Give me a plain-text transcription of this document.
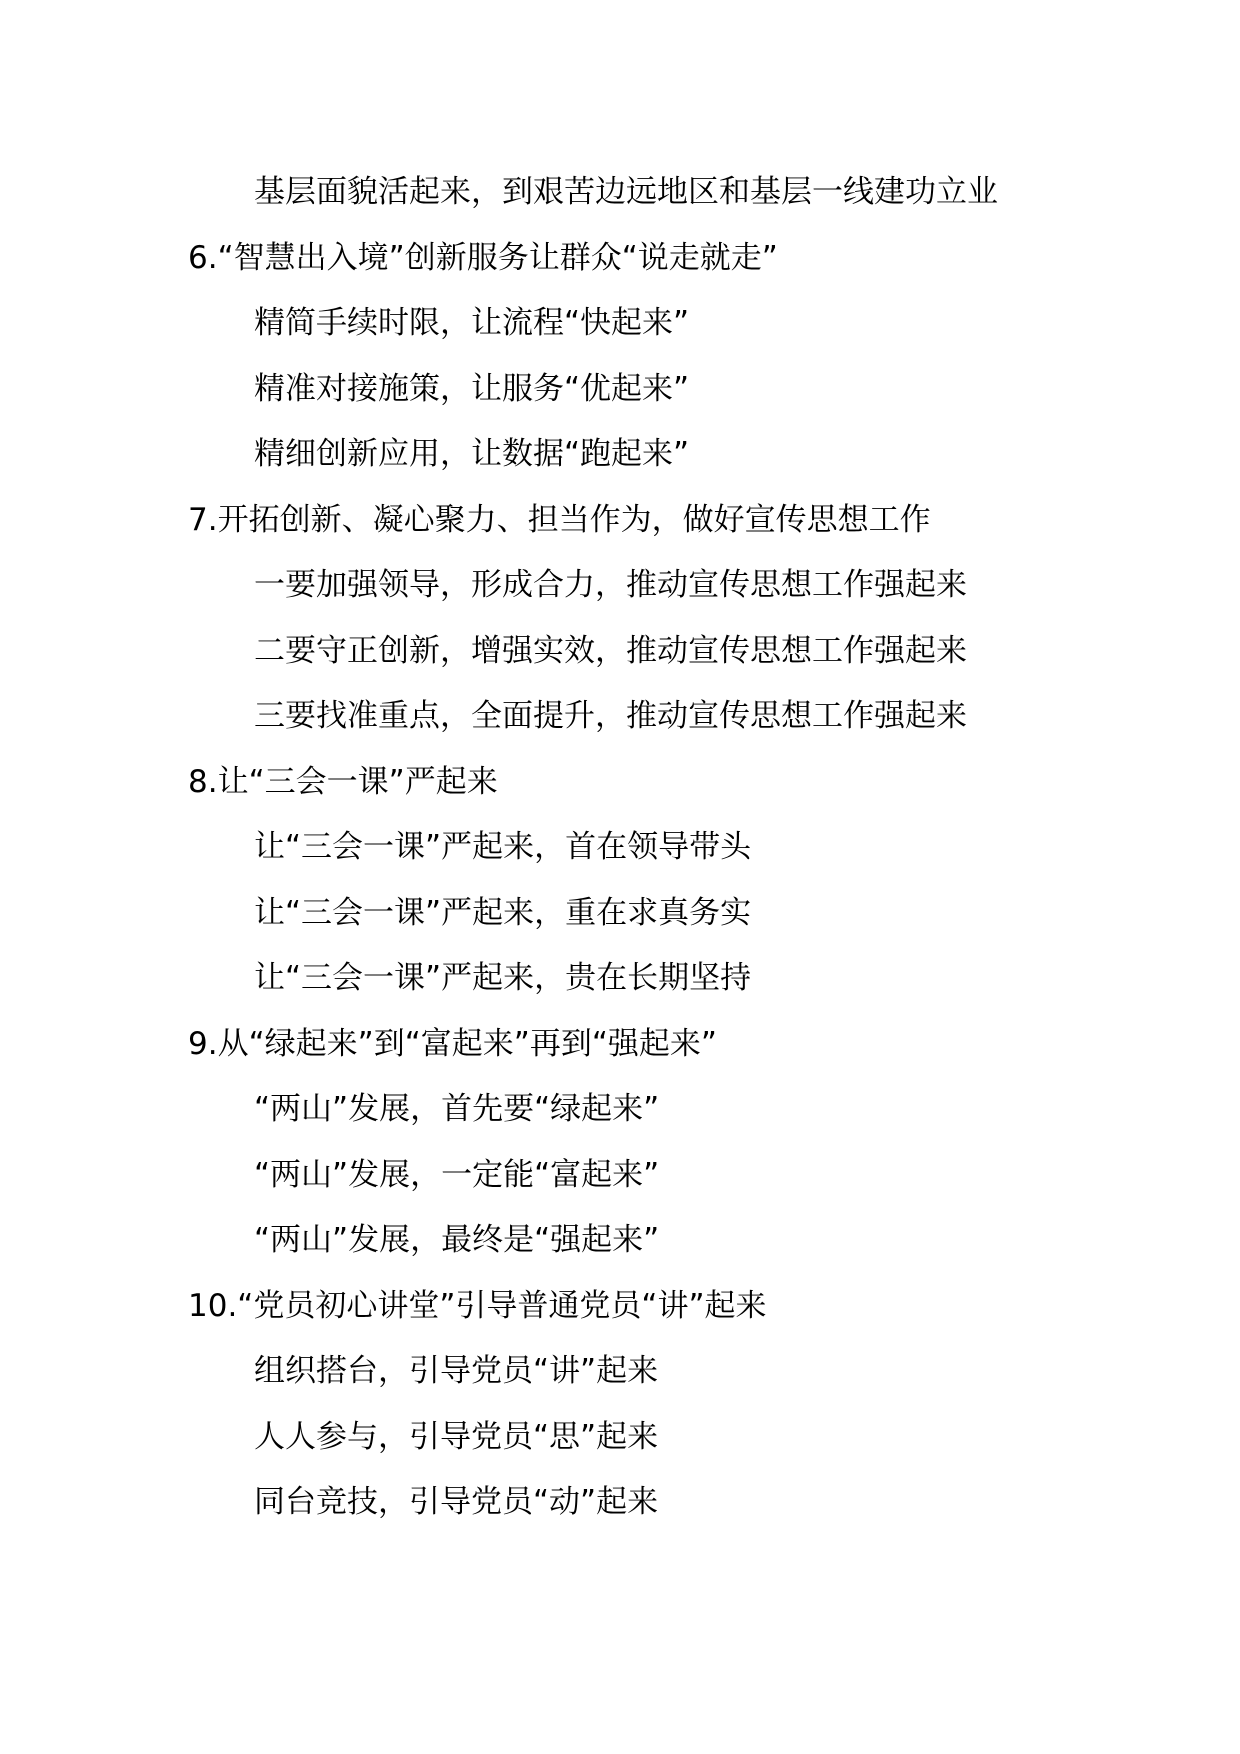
基层面貌活起来，到艰苦边远地区和基层一线建功立业
6.“智慧出入境”创新服务让群众“说走就走”
精简手续时限，让流程“快起来”
精准对接施策，让服务“优起来”
精细创新应用，让数据“跑起来”
7.开拓创新、凝心聚力、担当作为，做好宣传思想工作
一要加强领导，形成合力，推动宣传思想工作强起来
二要守正创新，增强实效，推动宣传思想工作强起来
三要找准重点，全面提升，推动宣传思想工作强起来
8.让“三会一课”严起来
让“三会一课”严起来，首在领导带头
让“三会一课”严起来，重在求真务实
让“三会一课”严起来，贵在长期坚持
9.从“绿起来”到“富起来”再到“强起来”
“两山”发展，首先要“绿起来”
“两山”发展，一定能“富起来”
“两山”发展，最终是“强起来”
10.“党员初心讲堂”引导普通党员“讲”起来
组织搭台，引导党员“讲”起来
人人参与，引导党员“思”起来
同台竞技，引导党员“动”起来
